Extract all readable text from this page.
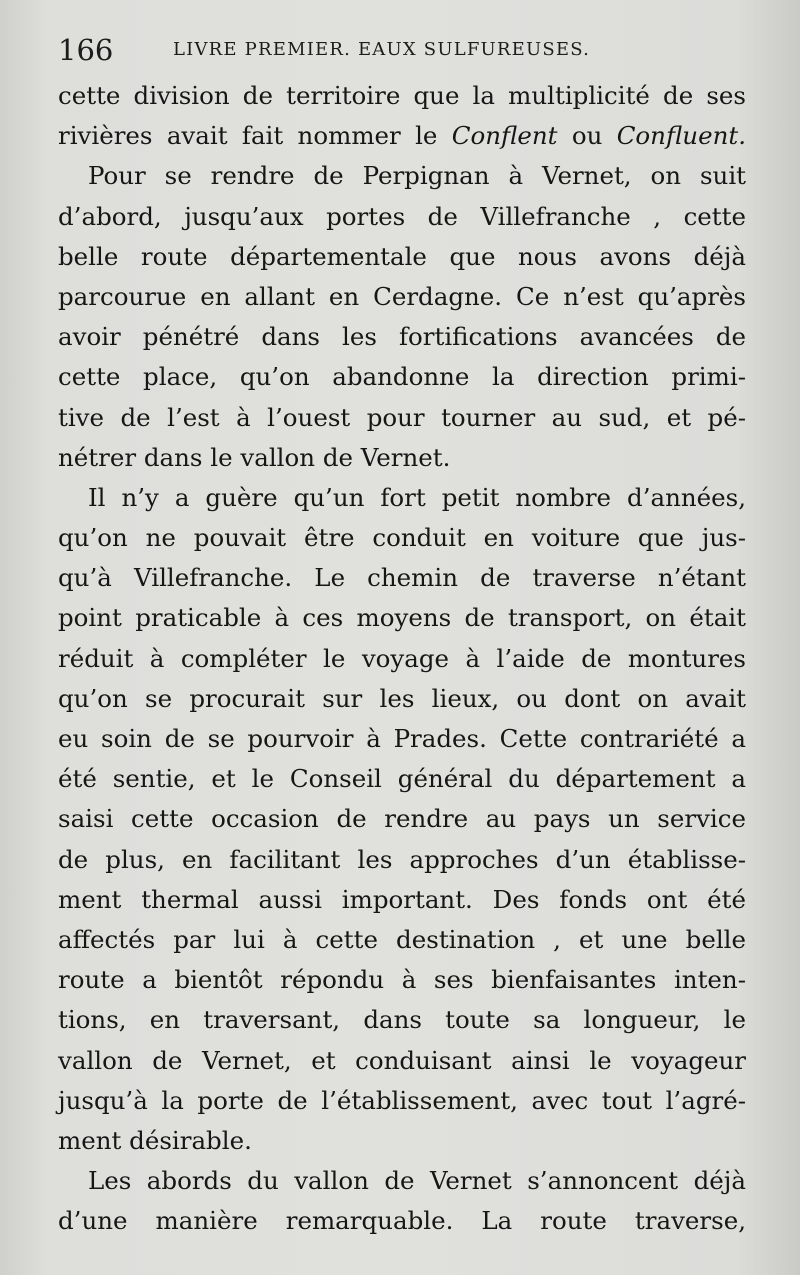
166	LIVRE PREMIER. EAUX SULFUREUSES.
cette division de territoire que la multiplicité de ses
rivières avait fait nommer le Conflent ou Confluent.
Pour se rendre de Perpignan à Vernet, on suit
d’abord, jusqu’aux portes de Villefranche , cette
belle route départementale que nous avons déjà
parcourue en allant en Cerdagne. Ce n’est qu’après
avoir pénétré dans les fortifications avancées de
cette place, qu’on abandonne la direction primi-
tive de l’est à l’ouest pour tourner au sud, et pé-
nétrer dans le vallon de Vernet.
Il n’y a guère qu’un fort petit nombre d’années,
qu’on ne pouvait être conduit en voiture que jus-
qu’à Villefranche. Le chemin de traverse n’étant
point praticable à ces moyens de transport, on était
réduit à compléter le voyage à l’aide de montures
qu’on se procurait sur les lieux, ou dont on avait
eu soin de se pourvoir à Prades. Cette contrariété a
été sentie, et le Conseil général du département a
saisi cette occasion de rendre au pays un service
de plus, en facilitant les approches d’un établisse-
ment thermal aussi important. Des fonds ont été
affectés par lui à cette destination , et une belle
route a bientôt répondu à ses bienfaisantes inten-
tions, en traversant, dans toute sa longueur, le
vallon de Vernet, et conduisant ainsi le voyageur
jusqu’à la porte de l’établissement, avec tout l’agré-
ment désirable.
Les abords du vallon de Vernet s’annoncent déjà
d’une manière remarquable. La route traverse,
